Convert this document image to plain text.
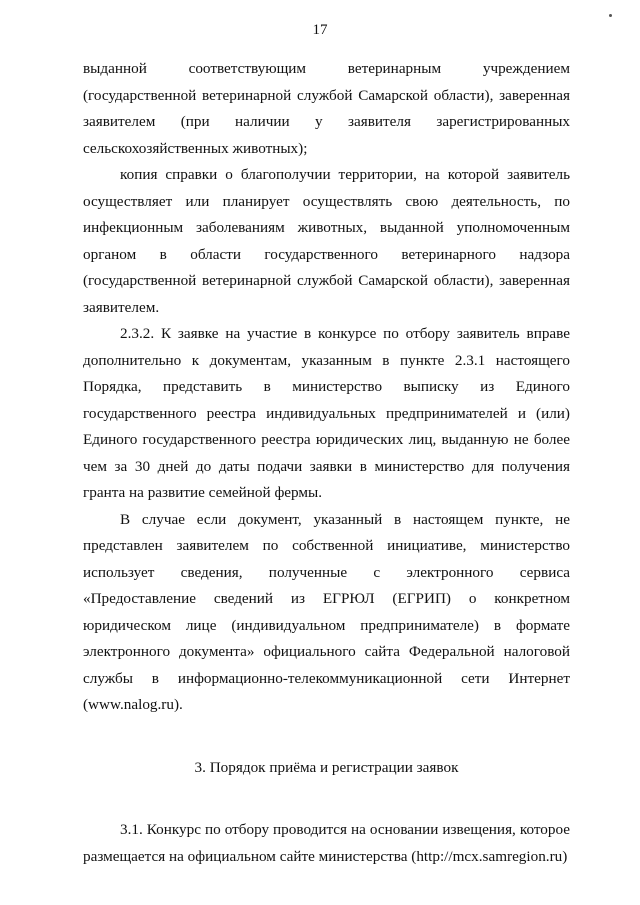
17

выданной соответствующим ветеринарным учреждением (государственной ветеринарной службой Самарской области), заверенная заявителем (при наличии у заявителя зарегистрированных сельскохозяйственных животных);

копия справки о благополучии территории, на которой заявитель осуществляет или планирует осуществлять свою деятельность, по инфекционным заболеваниям животных, выданной уполномоченным органом в области государственного ветеринарного надзора (государственной ветеринарной службой Самарской области), заверенная заявителем.

2.3.2. К заявке на участие в конкурсе по отбору заявитель вправе дополнительно к документам, указанным в пункте 2.3.1 настоящего Порядка, представить в министерство выписку из Единого государственного реестра индивидуальных предпринимателей и (или) Единого государственного реестра юридических лиц, выданную не более чем за 30 дней до даты подачи заявки в министерство для получения гранта на развитие семейной фермы.

В случае если документ, указанный в настоящем пункте, не представлен заявителем по собственной инициативе, министерство использует сведения, полученные с электронного сервиса «Предоставление сведений из ЕГРЮЛ (ЕГРИП) о конкретном юридическом лице (индивидуальном предпринимателе) в формате электронного документа» официального сайта Федеральной налоговой службы в информационно-телекоммуникационной сети Интернет (www.nalog.ru).

3. Порядок приёма и регистрации заявок

3.1. Конкурс по отбору проводится на основании извещения, которое размещается на официальном сайте министерства (http://mcx.samregion.ru)
